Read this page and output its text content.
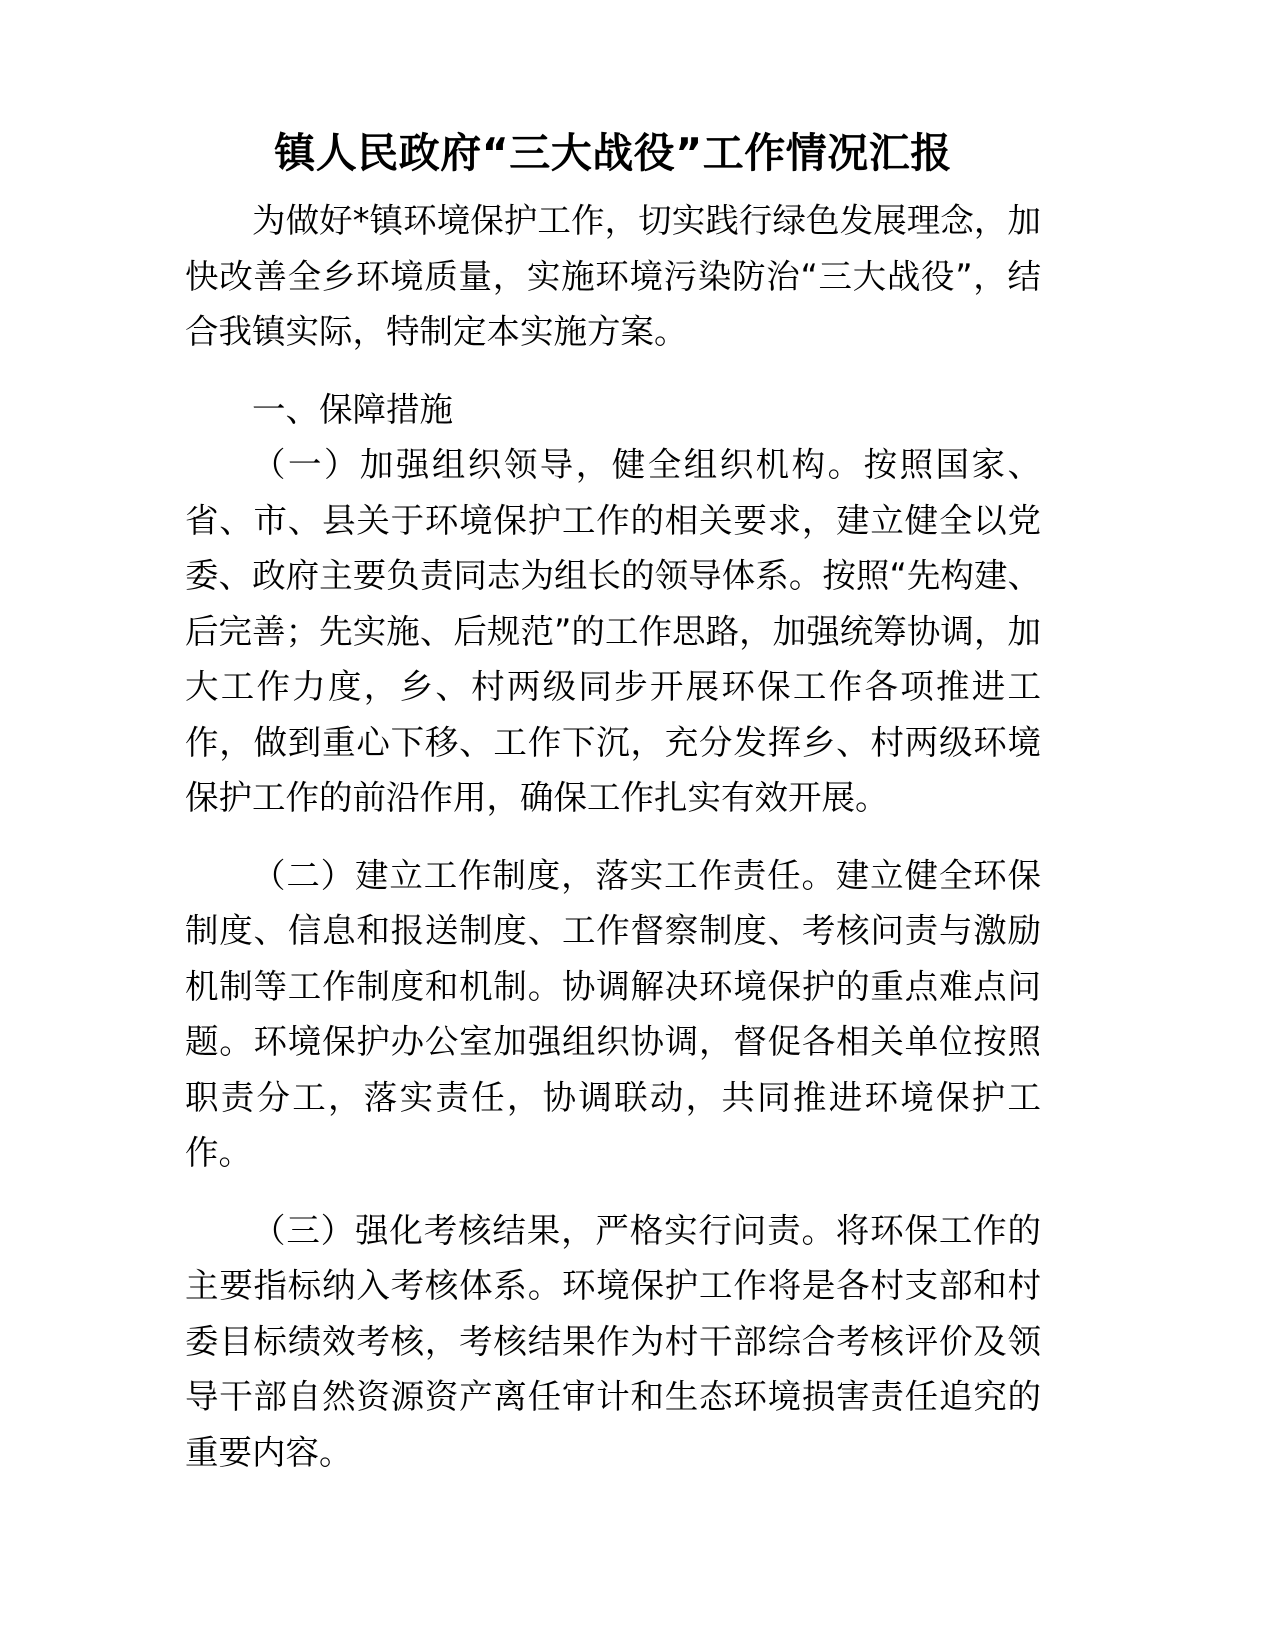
镇人民政府“三大战役”工作情况汇报

为做好*镇环境保护工作，切实践行绿色发展理念，加快改善全乡环境质量，实施环境污染防治“三大战役”，结合我镇实际，特制定本实施方案。

一、保障措施

（一）加强组织领导，健全组织机构。按照国家、省、市、县关于环境保护工作的相关要求，建立健全以党委、政府主要负责同志为组长的领导体系。按照“先构建、后完善；先实施、后规范”的工作思路，加强统筹协调，加大工作力度，乡、村两级同步开展环保工作各项推进工作，做到重心下移、工作下沉，充分发挥乡、村两级环境保护工作的前沿作用，确保工作扎实有效开展。

（二）建立工作制度，落实工作责任。建立健全环保制度、信息和报送制度、工作督察制度、考核问责与激励机制等工作制度和机制。协调解决环境保护的重点难点问题。环境保护办公室加强组织协调，督促各相关单位按照职责分工，落实责任，协调联动，共同推进环境保护工作。

（三）强化考核结果，严格实行问责。将环保工作的主要指标纳入考核体系。环境保护工作将是各村支部和村委目标绩效考核，考核结果作为村干部综合考核评价及领导干部自然资源资产离任审计和生态环境损害责任追究的重要内容。
